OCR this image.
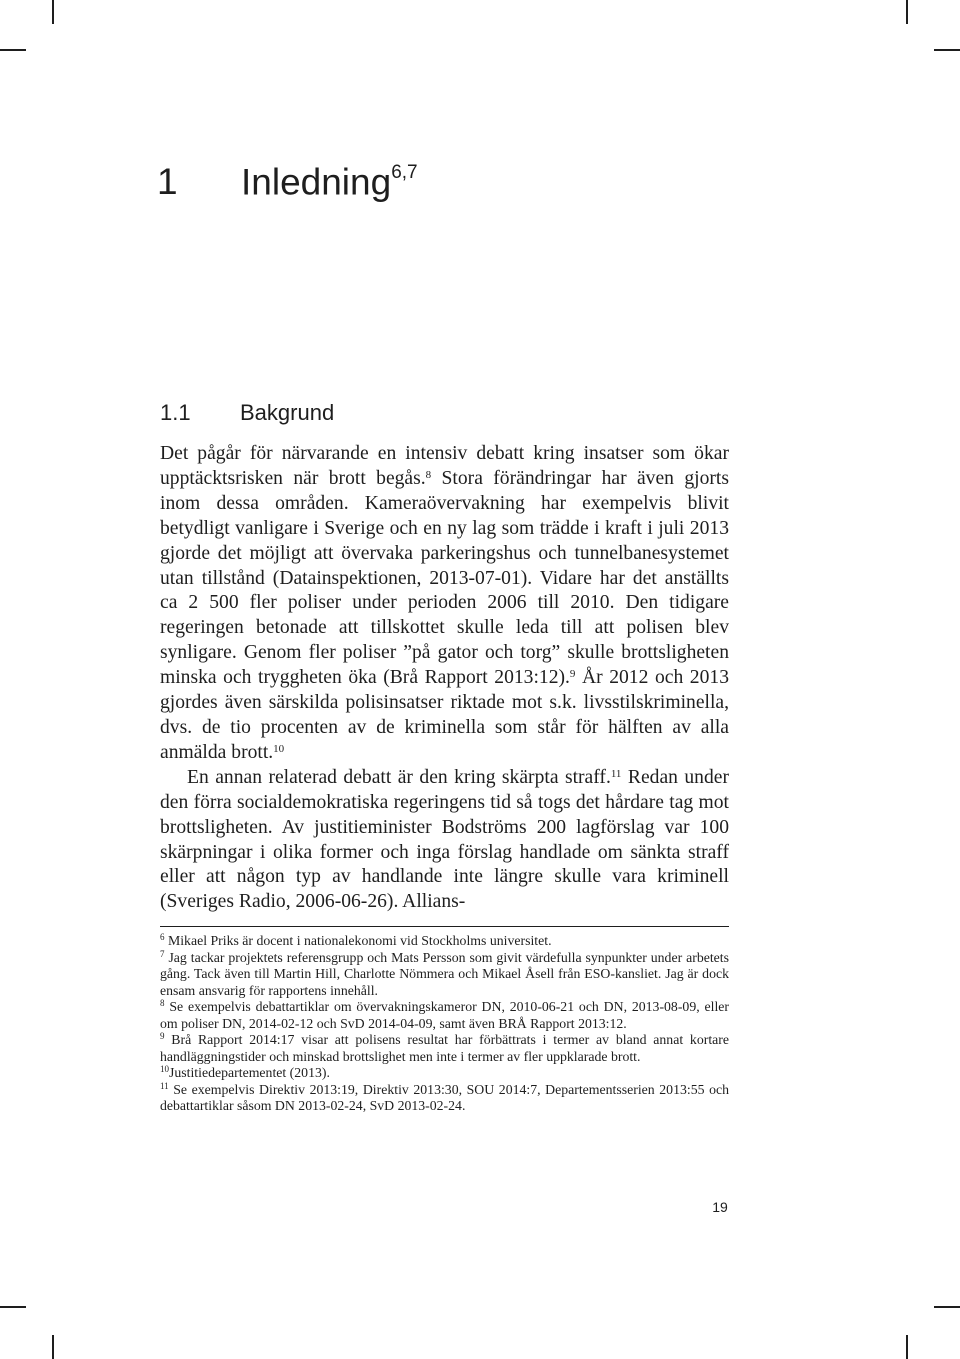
1 Inledning$^{6,7}$
1.1 Bakgrund

Det pågår för närvarande en intensiv debatt kring insatser som ökar upptäcktsrisken när brott begås.$^8$ Stora förändringar har även gjorts inom dessa områden. Kameraövervakning har exempelvis blivit betydligt vanligare i Sverige och en ny lag som trädde i kraft i juli 2013 gjorde det möjligt att övervaka parkeringshus och tunnelbanesystemet utan tillstånd (Datainspektionen, 2013-07-01). Vidare har det anställts ca 2 500 fler poliser under perioden 2006 till 2010. Den tidigare regeringen betonade att tillskottet skulle leda till att polisen blev synligare. Genom fler poliser ”på gator och torg” skulle brottsligheten minska och tryggheten öka (Brå Rapport 2013:12).$^9$ År 2012 och 2013 gjordes även särskilda polisinsatser riktade mot s.k. livsstilskriminella, dvs. de tio procenten av de kriminella som står för hälften av alla anmälda brott.$^{10}$

En annan relaterad debatt är den kring skärpta straff.$^{11}$ Redan under den förra socialdemokratiska regeringens tid så togs det hårdare tag mot brottsligheten. Av justitieminister Bodströms 200 lagförslag var 100 skärpningar i olika former och inga förslag handlade om sänkta straff eller att någon typ av handlande inte längre skulle vara kriminell (Sveriges Radio, 2006-06-26). Allians-

$^6$ Mikael Priks är docent i nationalekonomi vid Stockholms universitet.

$^7$ Jag tackar projektets referensgrupp och Mats Persson som givit värdefulla synpunkter under arbetets gång. Tack även till Martin Hill, Charlotte Nömmera och Mikael Åsell från ESO-kansliet. Jag är dock ensam ansvarig för rapportens innehåll.

$^8$ Se exempelvis debattartiklar om övervakningskameror DN, 2010-06-21 och DN, 2013-08-09, eller om poliser DN, 2014-02-12 och SvD 2014-04-09, samt även BRÅ Rapport 2013:12.

$^9$ Brå Rapport 2014:17 visar att polisens resultat har förbättrats i termer av bland annat kortare handläggningstider och minskad brottslighet men inte i termer av fler uppklarade brott.

$^{10}$Justitiedepartementet (2013).

$^{11}$ Se exempelvis Direktiv 2013:19, Direktiv 2013:30, SOU 2014:7, Departementsserien 2013:55 och debattartiklar såsom DN 2013-02-24, SvD 2013-02-24.

19
